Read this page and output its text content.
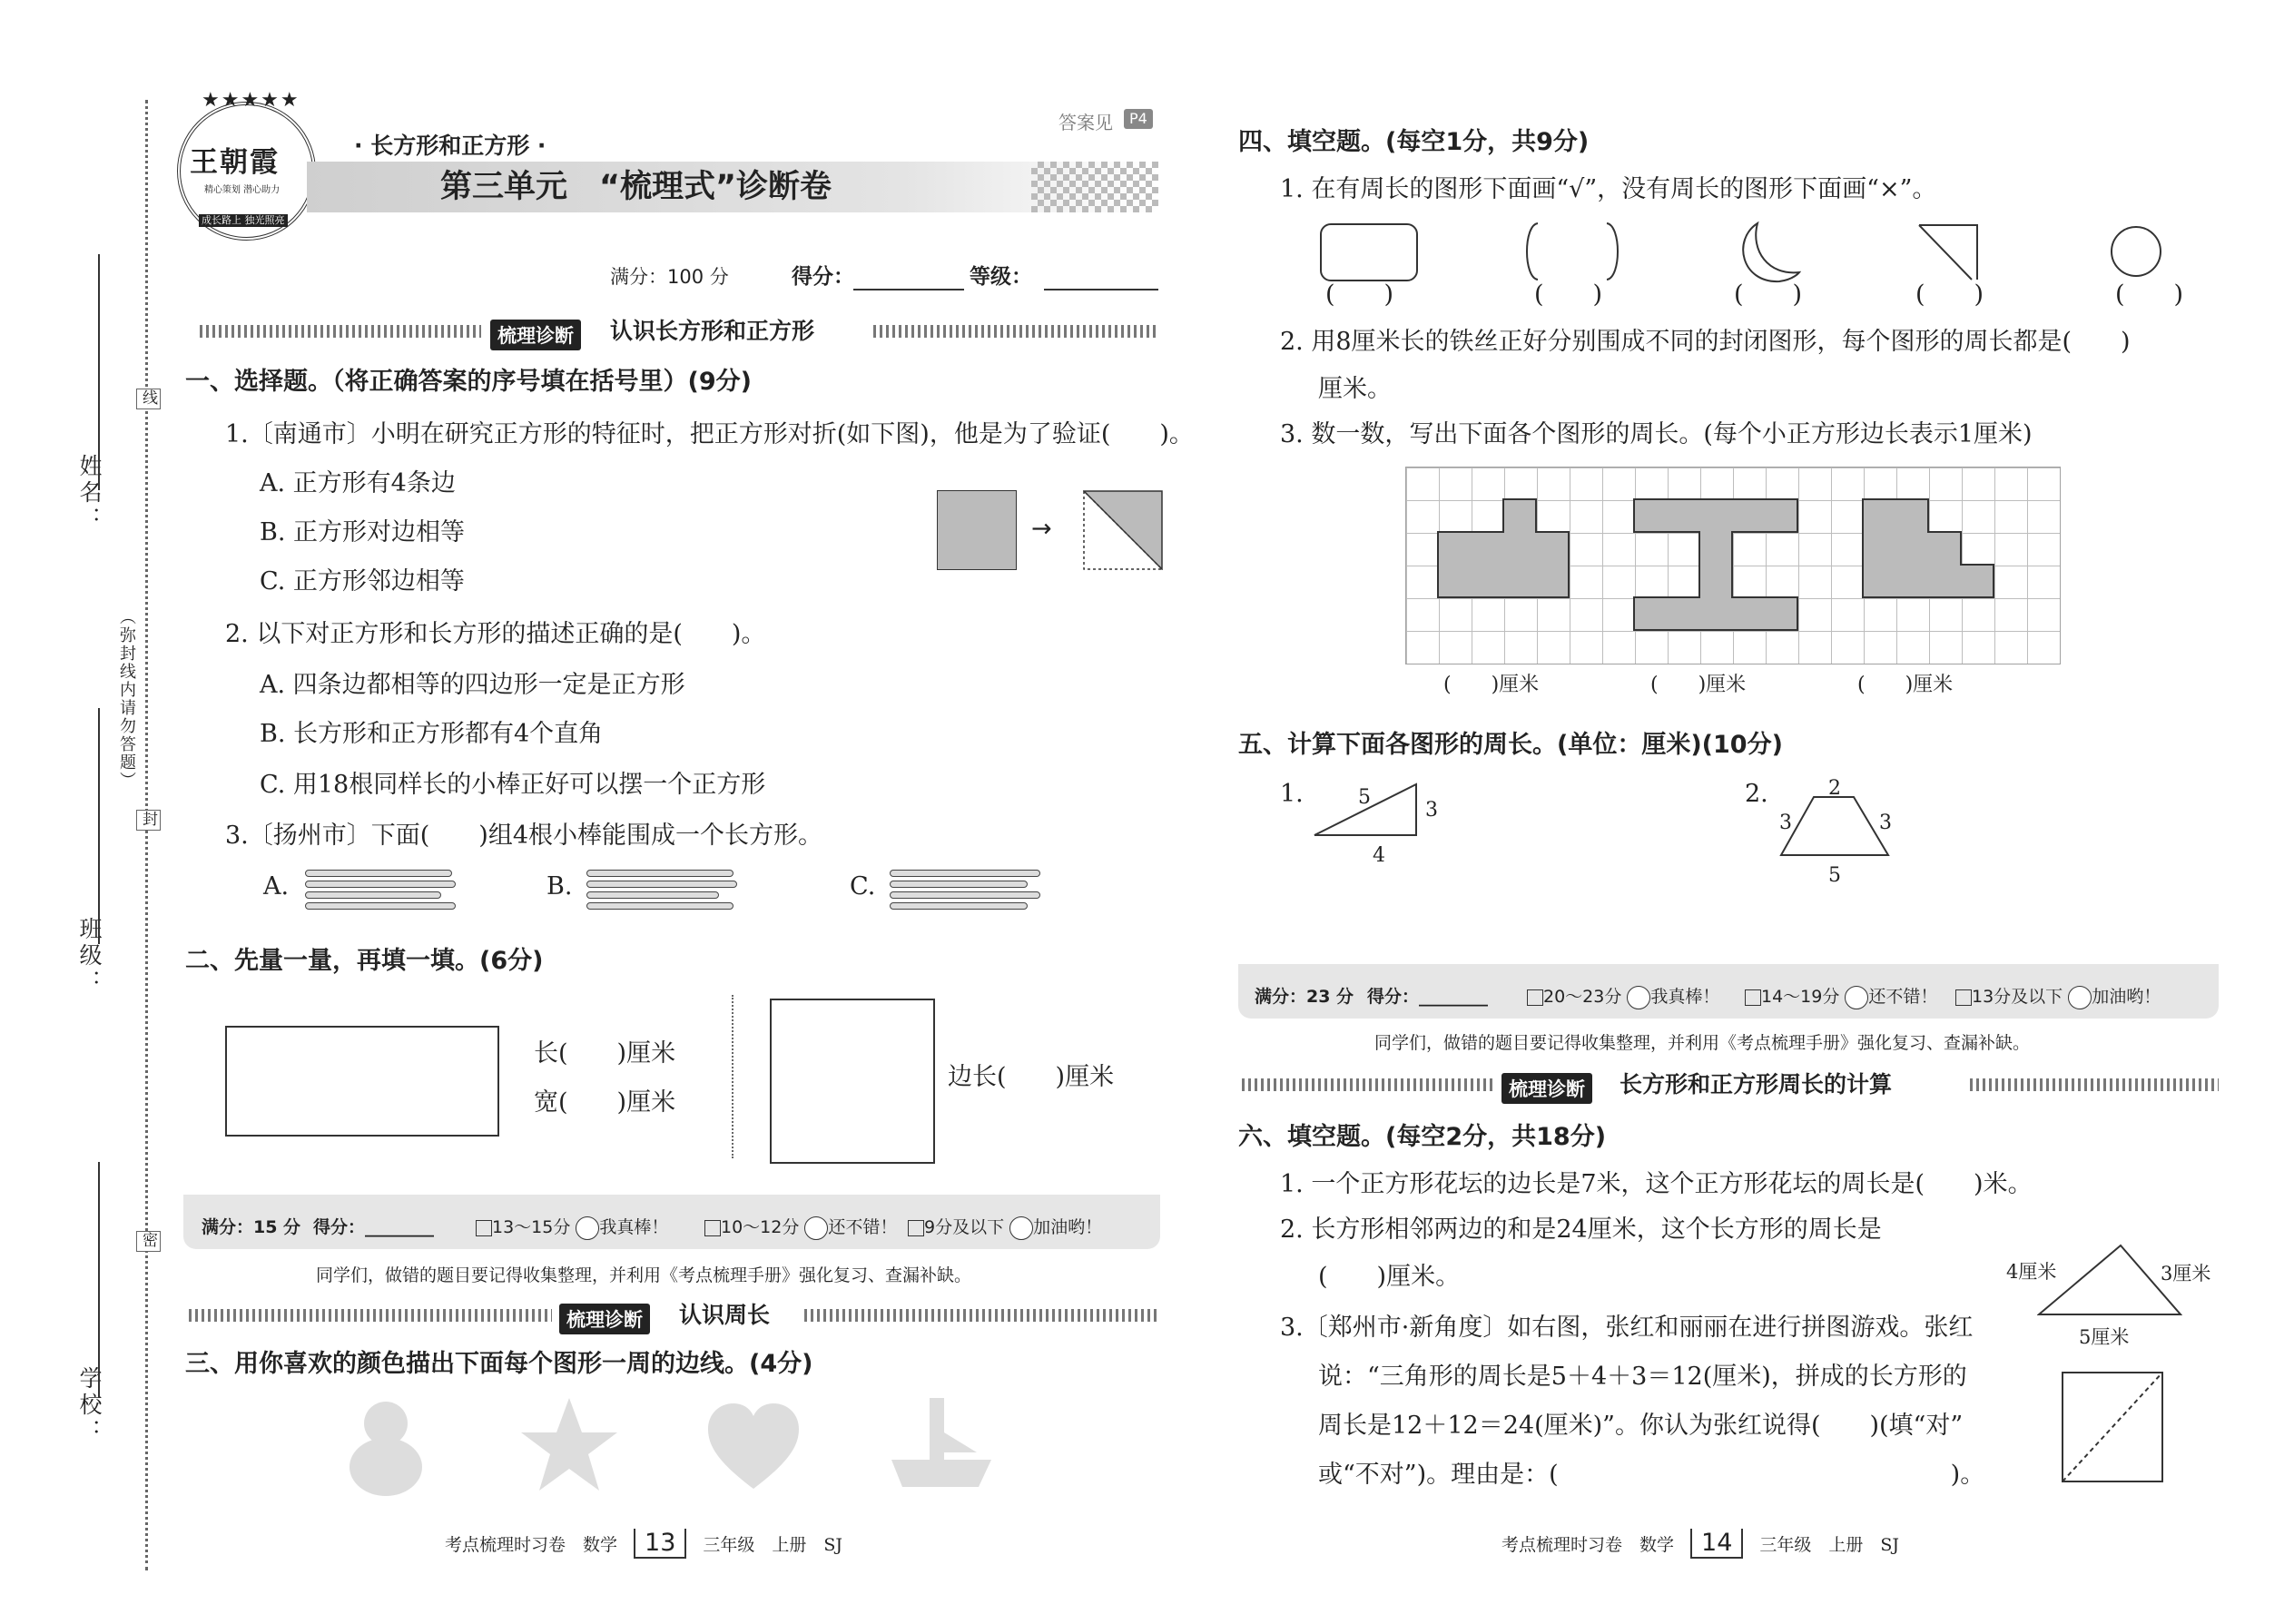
姓名：
班级：
学校：
（弥封线内请勿答题）
线
封
密
王朝霞
精心策划 潜心助力
成长路上 独光照亮
★★★★★
· 长方形和正方形 ·
答案见	P4
第三单元　“梳理式”诊断卷
满分：100 分	得分：	等级：
梳理诊断	认识长方形和正方形
一、选择题。（将正确答案的序号填在括号里）(9分)
1.〔南通市〕小明在研究正方形的特征时，把正方形对折(如下图)，他是为了验证(　　)。
A. 正方形有4条边
B. 正方形对边相等
C. 正方形邻边相等
→
2. 以下对正方形和长方形的描述正确的是(　　)。
A. 四条边都相等的四边形一定是正方形
B. 长方形和正方形都有4个直角
C. 用18根同样长的小棒正好可以摆一个正方形
3.〔扬州市〕下面(　　)组4根小棒能围成一个长方形。
A.	B.	C.
二、先量一量，再填一填。(6分)
长(　　)厘米
宽(　　)厘米
边长(　　)厘米
满分：15 分 得分：________	13～15分 我真棒！	10～12分 还不错！	9分及以下 加油哟！
同学们，做错的题目要记得收集整理，并利用《考点梳理手册》强化复习、查漏补缺。
梳理诊断	认识周长
三、用你喜欢的颜色描出下面每个图形一周的边线。(4分)
考点梳理时习卷　数学 13 三年级　上册　SJ
四、填空题。(每空1分，共9分)
1. 在有周长的图形下面画“√”，没有周长的图形下面画“×”。
(　　)	(　　)	(　　)	(　　)	(　　)
2. 用8厘米长的铁丝正好分别围成不同的封闭图形，每个图形的周长都是(　　)
厘米。
3. 数一数，写出下面各个图形的周长。(每个小正方形边长表示1厘米)
(　　)厘米	(　　)厘米	(　　)厘米
五、计算下面各图形的周长。(单位：厘米)(10分)
1.	5
3
4
2.	2
3	3
5
满分：23 分 得分：________	20～23分 我真棒！	14～19分 还不错！	13分及以下 加油哟！
同学们，做错的题目要记得收集整理，并利用《考点梳理手册》强化复习、查漏补缺。
梳理诊断	长方形和正方形周长的计算
六、填空题。(每空2分，共18分)
1. 一个正方形花坛的边长是7米，这个正方形花坛的周长是(　　)米。
2. 长方形相邻两边的和是24厘米，这个长方形的周长是
(　　)厘米。
3.〔郑州市·新角度〕如右图，张红和丽丽在进行拼图游戏。张红
说：“三角形的周长是5＋4＋3＝12(厘米)，拼成的长方形的
周长是12＋12＝24(厘米)”。你认为张红说得(　　)(填“对”
或“不对”)。理由是：(　　　　　　　　　　　　　　　　)。
4厘米	3厘米
5厘米
考点梳理时习卷　数学 14 三年级　上册　SJ
